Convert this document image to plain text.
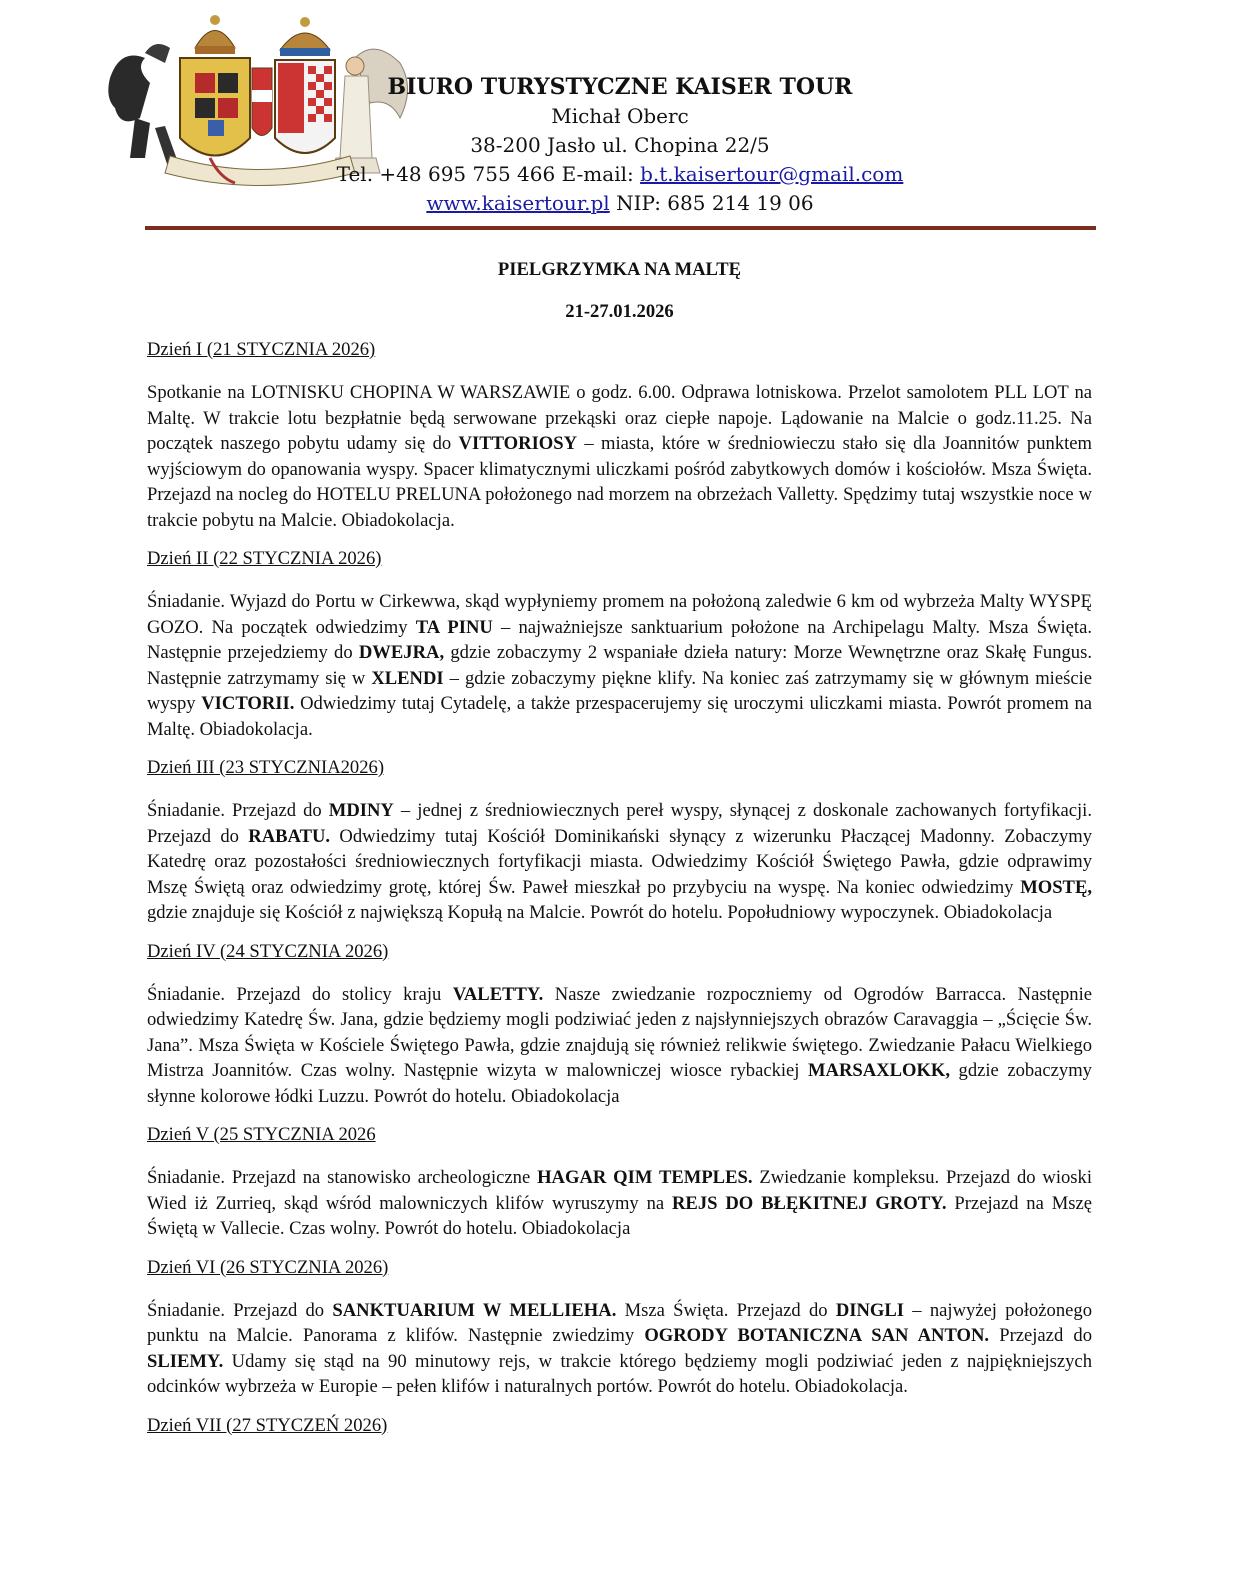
BIURO TURYSTYCZNE KAISER TOUR
Michał Oberc
38-200 Jasło ul. Chopina 22/5
Tel. +48 695 755 466 E-mail: b.t.kaisertour@gmail.com
www.kaisertour.pl NIP: 685 214 19 06

PIELGRZYMKA NA MALTĘ

21-27.01.2026

Dzień I (21 STYCZNIA 2026)

Spotkanie na LOTNISKU CHOPINA W WARSZAWIE o godz. 6.00. Odprawa lotniskowa. Przelot samolotem PLL LOT na Maltę. W trakcie lotu bezpłatnie będą serwowane przekąski oraz ciepłe napoje. Lądowanie na Malcie o godz.11.25. Na początek naszego pobytu udamy się do VITTORIOSY – miasta, które w średniowieczu stało się dla Joannitów punktem wyjściowym do opanowania wyspy. Spacer klimatycznymi uliczkami pośród zabytkowych domów i kościołów. Msza Święta. Przejazd na nocleg do HOTELU PRELUNA położonego nad morzem na obrzeżach Valletty. Spędzimy tutaj wszystkie noce w trakcie pobytu na Malcie. Obiadokolacja.

Dzień II (22 STYCZNIA 2026)

Śniadanie. Wyjazd do Portu w Cirkewwa, skąd wypłyniemy promem na położoną zaledwie 6 km od wybrzeża Malty WYSPĘ GOZO. Na początek odwiedzimy TA PINU – najważniejsze sanktuarium położone na Archipelagu Malty. Msza Święta. Następnie przejedziemy do DWEJRA, gdzie zobaczymy 2 wspaniałe dzieła natury: Morze Wewnętrzne oraz Skałę Fungus. Następnie zatrzymamy się w XLENDI – gdzie zobaczymy piękne klify. Na koniec zaś zatrzymamy się w głównym mieście wyspy VICTORII. Odwiedzimy tutaj Cytadelę, a także przespacerujemy się uroczymi uliczkami miasta. Powrót promem na Maltę. Obiadokolacja.

Dzień III (23 STYCZNIA2026)

Śniadanie. Przejazd do MDINY – jednej z średniowiecznych pereł wyspy, słynącej z doskonale zachowanych fortyfikacji. Przejazd do RABATU. Odwiedzimy tutaj Kościół Dominikański słynący z wizerunku Płaczącej Madonny. Zobaczymy Katedrę oraz pozostałości średniowiecznych fortyfikacji miasta. Odwiedzimy Kościół Świętego Pawła, gdzie odprawimy Mszę Świętą oraz odwiedzimy grotę, której Św. Paweł mieszkał po przybyciu na wyspę. Na koniec odwiedzimy MOSTĘ, gdzie znajduje się Kościół z największą Kopułą na Malcie. Powrót do hotelu. Popołudniowy wypoczynek. Obiadokolacja

Dzień IV (24 STYCZNIA 2026)

Śniadanie. Przejazd do stolicy kraju VALETTY. Nasze zwiedzanie rozpoczniemy od Ogrodów Barracca. Następnie odwiedzimy Katedrę Św. Jana, gdzie będziemy mogli podziwiać jeden z najsłynniejszych obrazów Caravaggia – „Ścięcie Św. Jana”. Msza Święta w Kościele Świętego Pawła, gdzie znajdują się również relikwie świętego. Zwiedzanie Pałacu Wielkiego Mistrza Joannitów. Czas wolny. Następnie wizyta w malowniczej wiosce rybackiej MARSAXLOKK, gdzie zobaczymy słynne kolorowe łódki Luzzu. Powrót do hotelu. Obiadokolacja

Dzień V (25 STYCZNIA 2026

Śniadanie. Przejazd na stanowisko archeologiczne HAGAR QIM TEMPLES. Zwiedzanie kompleksu. Przejazd do wioski Wied iż Zurrieq, skąd wśród malowniczych klifów wyruszymy na REJS DO BŁĘKITNEJ GROTY. Przejazd na Mszę Świętą w Vallecie. Czas wolny. Powrót do hotelu. Obiadokolacja

Dzień VI (26 STYCZNIA 2026)

Śniadanie. Przejazd do SANKTUARIUM W MELLIEHA. Msza Święta. Przejazd do DINGLI – najwyżej położonego punktu na Malcie. Panorama z klifów. Następnie zwiedzimy OGRODY BOTANICZNA SAN ANTON. Przejazd do SLIEMY. Udamy się stąd na 90 minutowy rejs, w trakcie którego będziemy mogli podziwiać jeden z najpiękniejszych odcinków wybrzeża w Europie – pełen klifów i naturalnych portów. Powrót do hotelu. Obiadokolacja.

Dzień VII (27 STYCZEŃ 2026)
